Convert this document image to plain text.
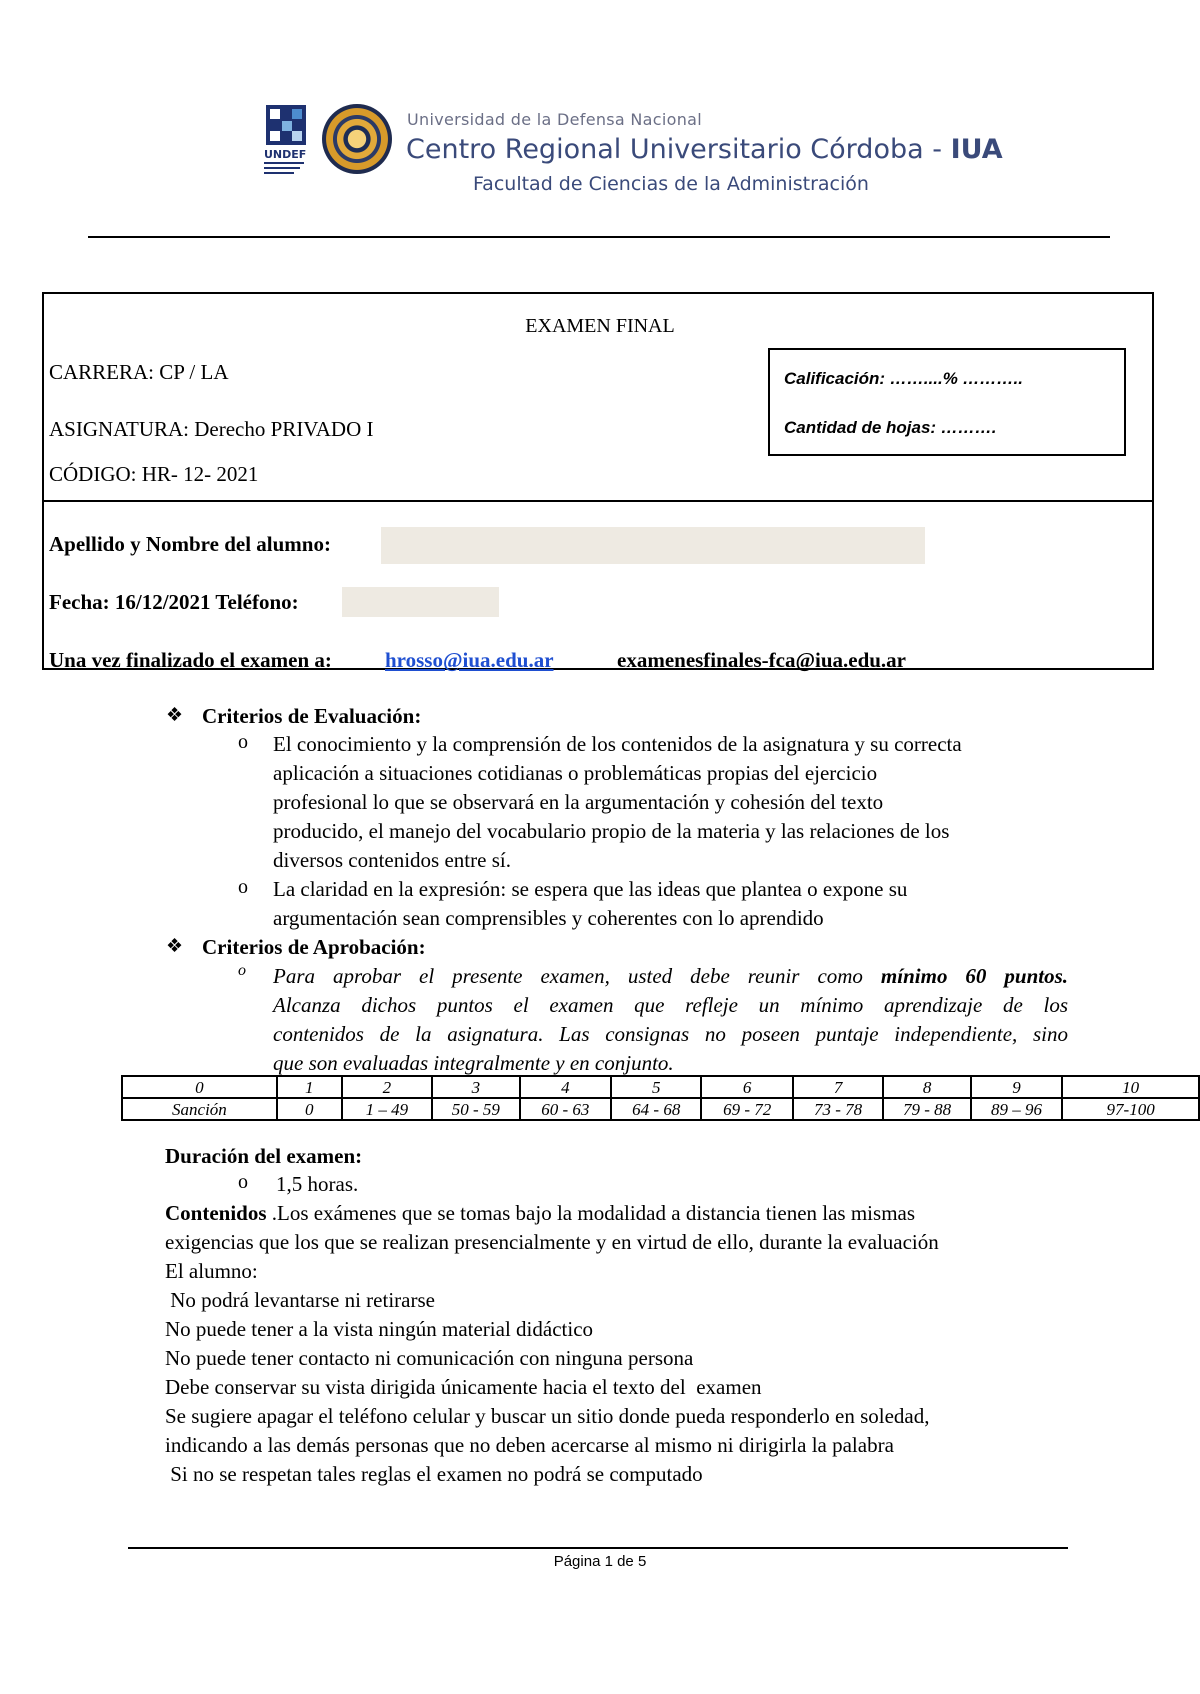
UNDEF
Universidad de la Defensa Nacional
Centro Regional Universitario Córdoba - IUA
Facultad de Ciencias de la Administración
EXAMEN FINAL
CARRERA: CP / LA
ASIGNATURA: Derecho PRIVADO I
CÓDIGO: HR- 12- 2021
Calificación: ……....% ………..
Cantidad de hojas: ……….
Apellido y Nombre del alumno:
Fecha: 16/12/2021 Teléfono:
Una vez finalizado el examen a:	hrosso@iua.edu.ar	examenesfinales-fca@iua.edu.ar
❖ Criterios de Evaluación:
o El conocimiento y la comprensión de los contenidos de la asignatura y su correcta
aplicación a situaciones cotidianas o problemáticas propias del ejercicio
profesional lo que se observará en la argumentación y cohesión del texto
producido, el manejo del vocabulario propio de la materia y las relaciones de los
diversos contenidos entre sí.
o La claridad en la expresión: se espera que las ideas que plantea o expone su
argumentación sean comprensibles y coherentes con lo aprendido
❖ Criterios de Aprobación:
o Para aprobar el presente examen, usted debe reunir como mínimo 60 puntos.
Alcanza dichos puntos el examen que refleje un mínimo aprendizaje de los
contenidos de la asignatura. Las consignas no poseen puntaje independiente, sino
que son evaluadas integralmente y en conjunto.
0	1	2	3	4	5	6	7	8	9	10
Sanción	0	1 – 49	50 - 59	60 - 63	64 - 68	69 - 72	73 - 78	79 - 88	89 – 96	97-100
Duración del examen:
o 1,5 horas.
Contenidos .Los exámenes que se tomas bajo la modalidad a distancia tienen las mismas
exigencias que los que se realizan presencialmente y en virtud de ello, durante la evaluación
El alumno:
No podrá levantarse ni retirarse
No puede tener a la vista ningún material didáctico
No puede tener contacto ni comunicación con ninguna persona
Debe conservar su vista dirigida únicamente hacia el texto del  examen
Se sugiere apagar el teléfono celular y buscar un sitio donde pueda responderlo en soledad,
indicando a las demás personas que no deben acercarse al mismo ni dirigirla la palabra
Si no se respetan tales reglas el examen no podrá se computado
Página 1 de 5
